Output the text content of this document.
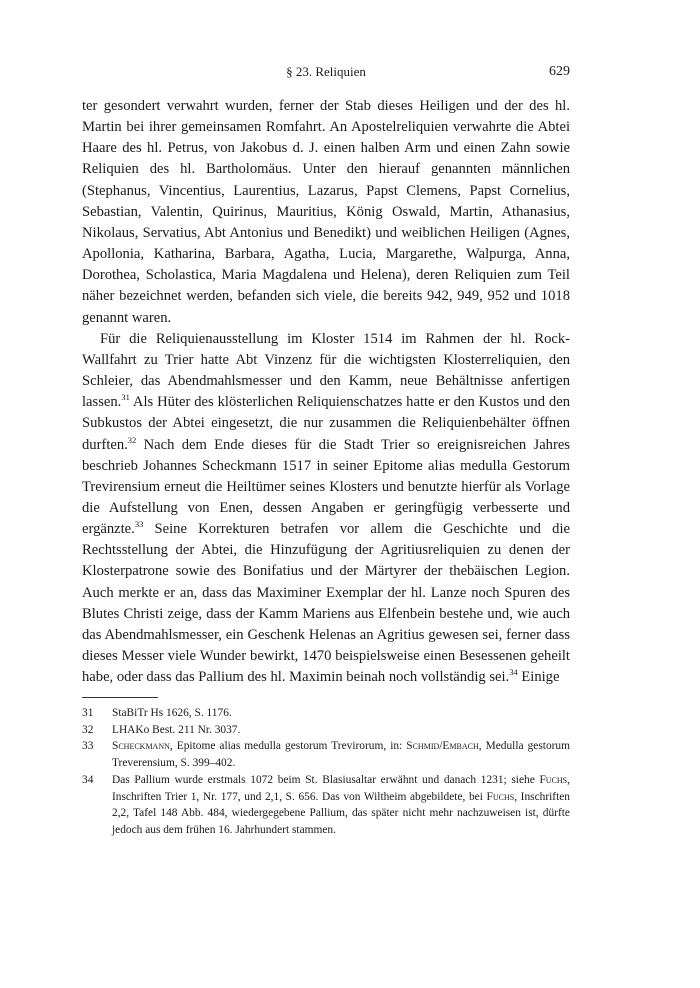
§ 23. Reliquien	629

ter gesondert verwahrt wurden, ferner der Stab dieses Heiligen und der des hl. Martin bei ihrer gemeinsamen Romfahrt. An Apostelreliquien verwahrte die Abtei Haare des hl. Petrus, von Jakobus d. J. einen halben Arm und einen Zahn sowie Reliquien des hl. Bartholomäus. Unter den hierauf genannten männlichen (Stephanus, Vincentius, Laurentius, Lazarus, Papst Clemens, Papst Cornelius, Sebastian, Valentin, Quirinus, Mauritius, König Oswald, Martin, Athanasius, Nikolaus, Servatius, Abt Antonius und Benedikt) und weiblichen Heiligen (Agnes, Apollonia, Katharina, Barbara, Agatha, Lucia, Margarethe, Walpurga, Anna, Dorothea, Scholastica, Maria Magdalena und Helena), deren Reliquien zum Teil näher bezeichnet werden, befanden sich viele, die bereits 942, 949, 952 und 1018 genannt waren.

Für die Reliquienausstellung im Kloster 1514 im Rahmen der hl. Rock-Wallfahrt zu Trier hatte Abt Vinzenz für die wichtigsten Klosterreliquien, den Schleier, das Abendmahlsmesser und den Kamm, neue Behältnisse anfertigen lassen.$^{31}$ Als Hüter des klösterlichen Reliquienschatzes hatte er den Kustos und den Subkustos der Abtei eingesetzt, die nur zusammen die Reliquienbehälter öffnen durften.$^{32}$ Nach dem Ende dieses für die Stadt Trier so ereignisreichen Jahres beschrieb Johannes Scheckmann 1517 in seiner Epitome alias medulla Gestorum Trevirensium erneut die Heiltümer seines Klosters und benutzte hierfür als Vorlage die Aufstellung von Enen, dessen Angaben er geringfügig verbesserte und ergänzte.$^{33}$ Seine Korrekturen betrafen vor allem die Geschichte und die Rechtsstellung der Abtei, die Hinzufügung der Agritiusreliquien zu denen der Klosterpatrone sowie des Bonifatius und der Märtyrer der thebäischen Legion. Auch merkte er an, dass das Maximiner Exemplar der hl. Lanze noch Spuren des Blutes Christi zeige, dass der Kamm Mariens aus Elfenbein bestehe und, wie auch das Abendmahlsmesser, ein Geschenk Helenas an Agritius gewesen sei, ferner dass dieses Messer viele Wunder bewirkt, 1470 beispielsweise einen Besessenen geheilt habe, oder dass das Pallium des hl. Maximin beinah noch vollständig sei.$^{34}$ Einige

31 StaBiTr Hs 1626, S. 1176.
32 LHAKo Best. 211 Nr. 3037.
33 Scheckmann, Epitome alias medulla gestorum Trevirorum, in: Schmid/Embach, Medulla gestorum Treverensium, S. 399–402.
34 Das Pallium wurde erstmals 1072 beim St. Blasiusaltar erwähnt und danach 1231; siehe Fuchs, Inschriften Trier 1, Nr. 177, und 2,1, S. 656. Das von Wiltheim abgebildete, bei Fuchs, Inschriften 2,2, Tafel 148 Abb. 484, wiedergegebene Pallium, das später nicht mehr nachzuweisen ist, dürfte jedoch aus dem frühen 16. Jahrhundert stammen.
